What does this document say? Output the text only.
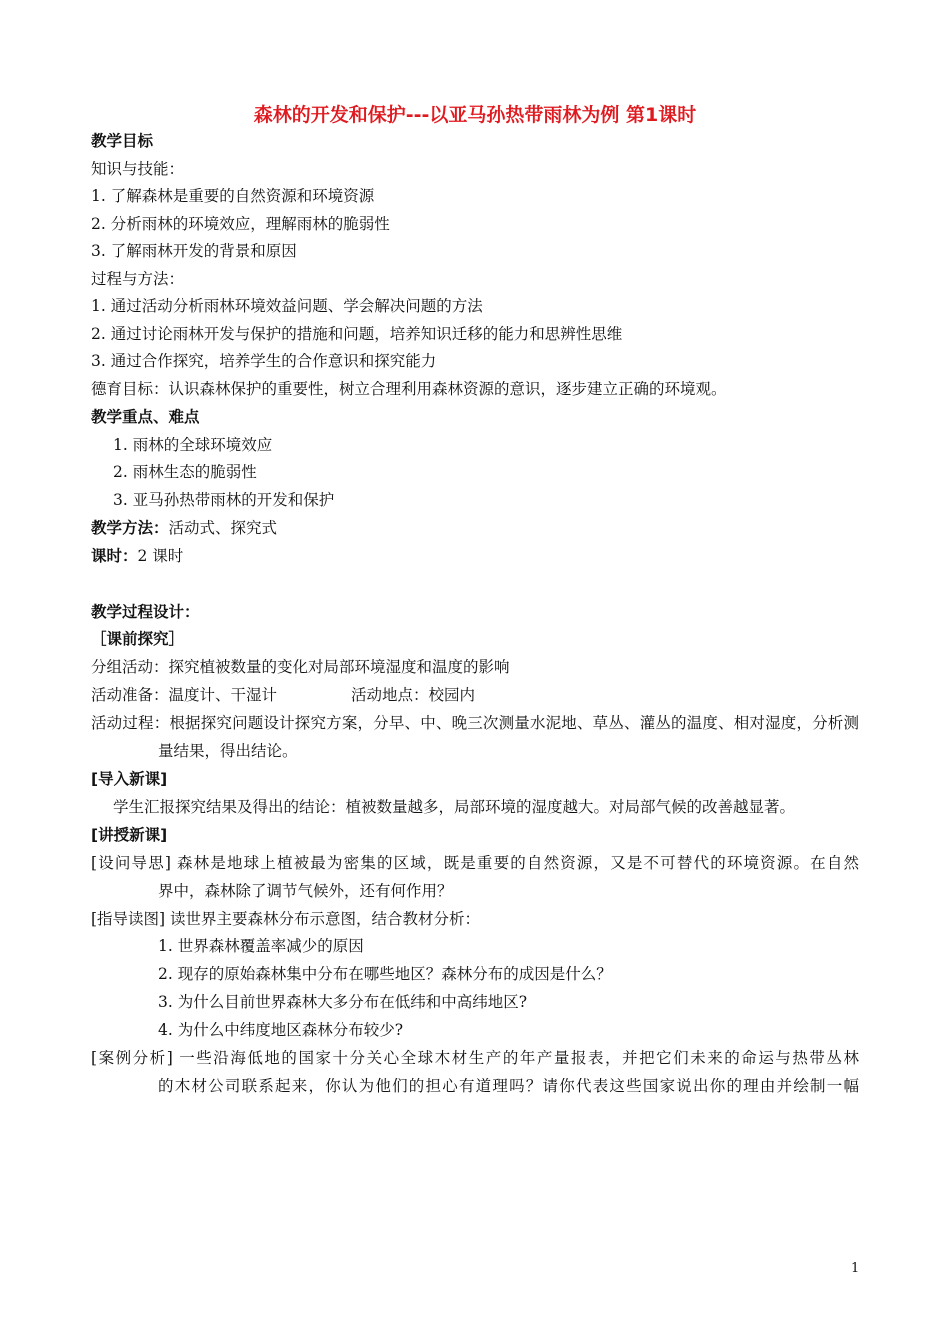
森林的开发和保护---以亚马孙热带雨林为例 第1课时
教学目标
知识与技能：
1. 了解森林是重要的自然资源和环境资源
2. 分析雨林的环境效应，理解雨林的脆弱性
3. 了解雨林开发的背景和原因
过程与方法：
1. 通过活动分析雨林环境效益问题、学会解决问题的方法
2. 通过讨论雨林开发与保护的措施和问题，培养知识迁移的能力和思辨性思维
3. 通过合作探究，培养学生的合作意识和探究能力
德育目标：认识森林保护的重要性，树立合理利用森林资源的意识，逐步建立正确的环境观。
教学重点、难点
1. 雨林的全球环境效应
2. 雨林生态的脆弱性
3. 亚马孙热带雨林的开发和保护
教学方法：活动式、探究式
课时：2 课时
教学过程设计：
［课前探究］
分组活动：探究植被数量的变化对局部环境湿度和温度的影响
活动准备：温度计、干湿计	活动地点：校园内
活动过程：根据探究问题设计探究方案，分早、中、晚三次测量水泥地、草丛、灌丛的温度、相对湿度，分析测
量结果，得出结论。
[导入新课]
学生汇报探究结果及得出的结论：植被数量越多，局部环境的湿度越大。对局部气候的改善越显著。
[讲授新课]
[设问导思] 森林是地球上植被最为密集的区域，既是重要的自然资源，又是不可替代的环境资源。在自然
界中，森林除了调节气候外，还有何作用？
[指导读图] 读世界主要森林分布示意图，结合教材分析：
1. 世界森林覆盖率减少的原因
2. 现存的原始森林集中分布在哪些地区？森林分布的成因是什么？
3. 为什么目前世界森林大多分布在低纬和中高纬地区?
4. 为什么中纬度地区森林分布较少?
[案例分析] 一些沿海低地的国家十分关心全球木材生产的年产量报表，并把它们未来的命运与热带丛林
的木材公司联系起来，你认为他们的担心有道理吗？请你代表这些国家说出你的理由并绘制一幅
1
